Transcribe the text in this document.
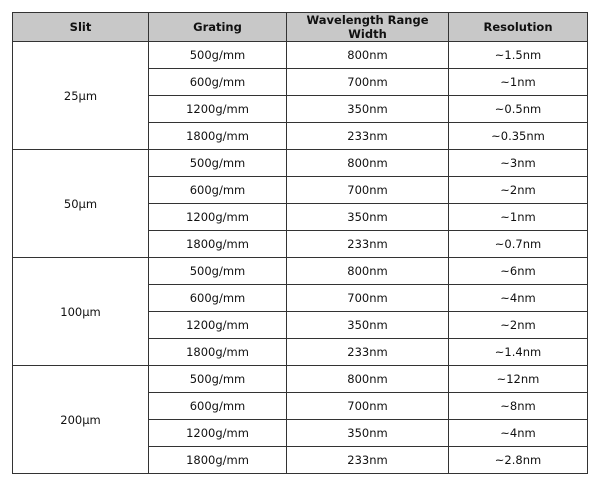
Slit	Grating	Wavelength Range Width	Resolution
25μm	500g/mm	800nm	~1.5nm
	600g/mm	700nm	~1nm
	1200g/mm	350nm	~0.5nm
	1800g/mm	233nm	~0.35nm
50μm	500g/mm	800nm	~3nm
	600g/mm	700nm	~2nm
	1200g/mm	350nm	~1nm
	1800g/mm	233nm	~0.7nm
100μm	500g/mm	800nm	~6nm
	600g/mm	700nm	~4nm
	1200g/mm	350nm	~2nm
	1800g/mm	233nm	~1.4nm
200μm	500g/mm	800nm	~12nm
	600g/mm	700nm	~8nm
	1200g/mm	350nm	~4nm
	1800g/mm	233nm	~2.8nm
